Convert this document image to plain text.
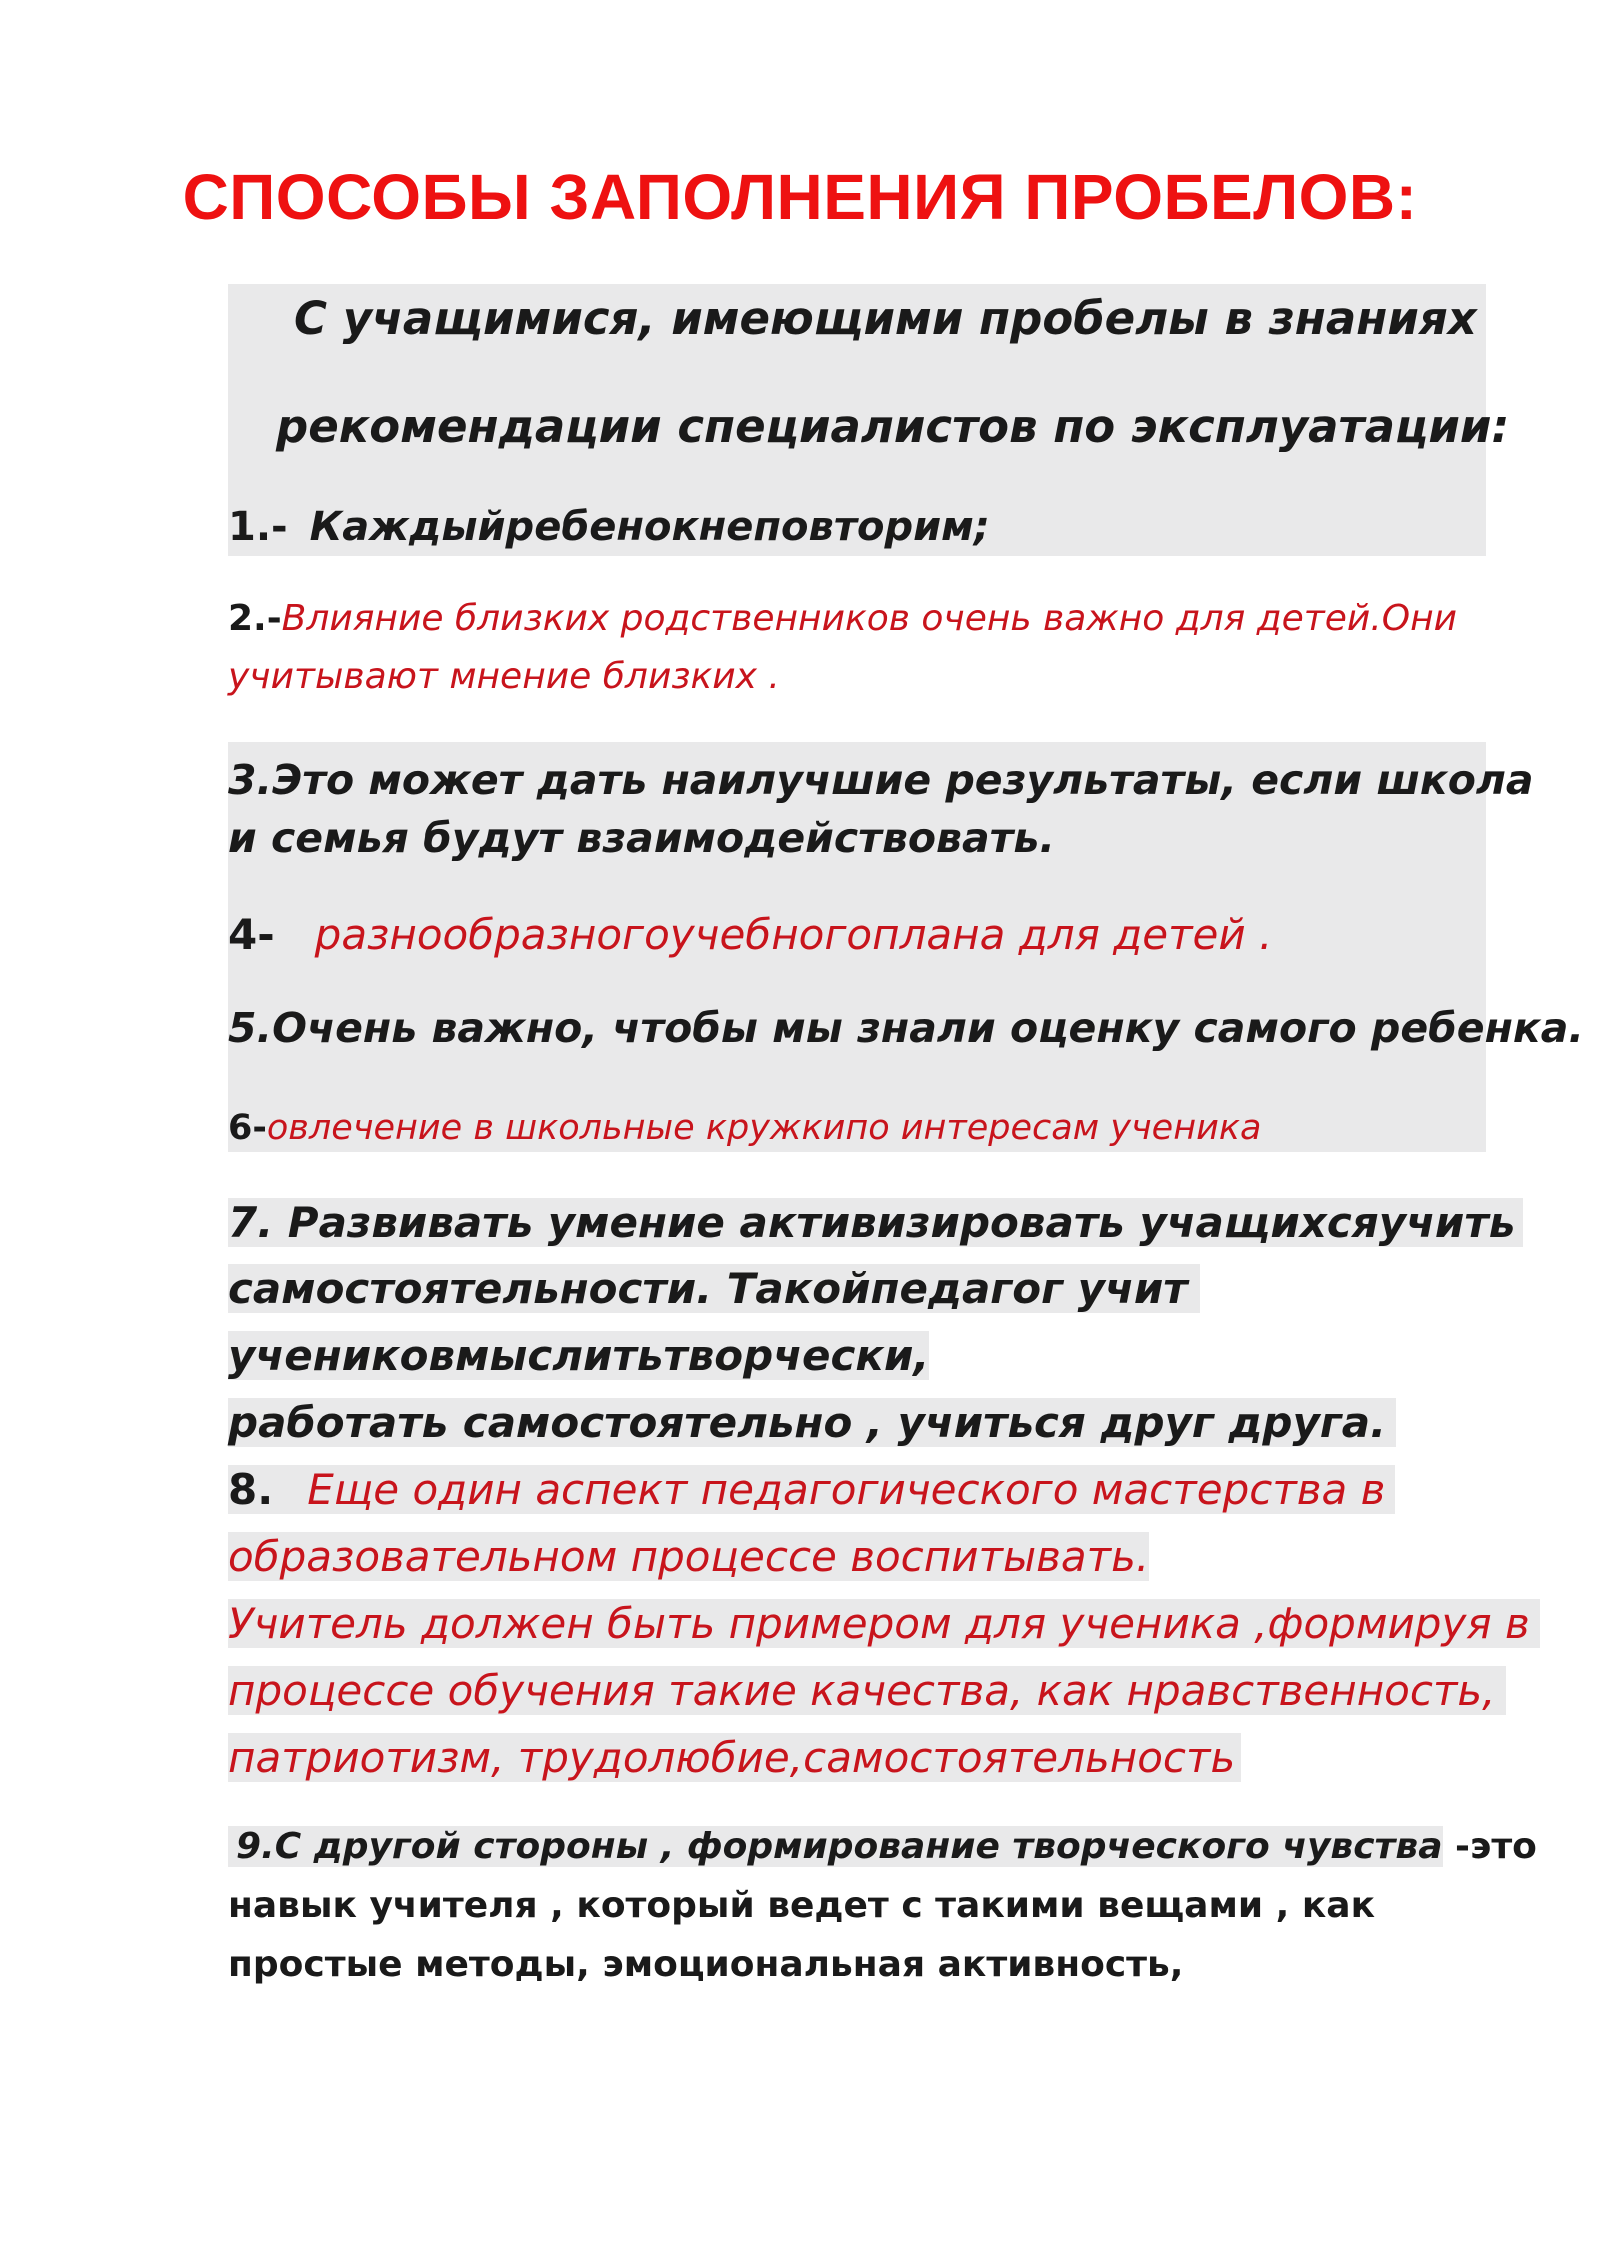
СПОСОБЫ ЗАПОЛНЕНИЯ ПРОБЕЛОВ:
С учащимися, имеющими пробелы в знаниях
рекомендации специалистов по эксплуатации:
1.- Каждыйребенокнеповторим;
2.-Влияние близких родственников очень важно для детей.Они
учитывают мнение близких .
3.Это может дать наилучшие результаты, если школа
и семья будут взаимодействовать.
4- разнообразногоучебногоплана для детей .
5.Очень важно, чтобы мы знали оценку самого ребенка.
6-овлечение в школьные кружкипо интересам ученика
7. Развивать умение активизировать учащихсяучить
самостоятельности. Такойпедагог учит
учениковмыслитьтворчески,
работать самостоятельно , учиться друг друга.
8. Еще один аспект педагогического мастерства в
образовательном процессе воспитывать.
Учитель должен быть примером для ученика ,формируя в
процессе обучения такие качества, как нравственность,
патриотизм, трудолюбие,самостоятельность
9.С другой стороны , формирование творческого чувства -это
навык учителя , который ведет с такими вещами , как
простые методы, эмоциональная активность,
